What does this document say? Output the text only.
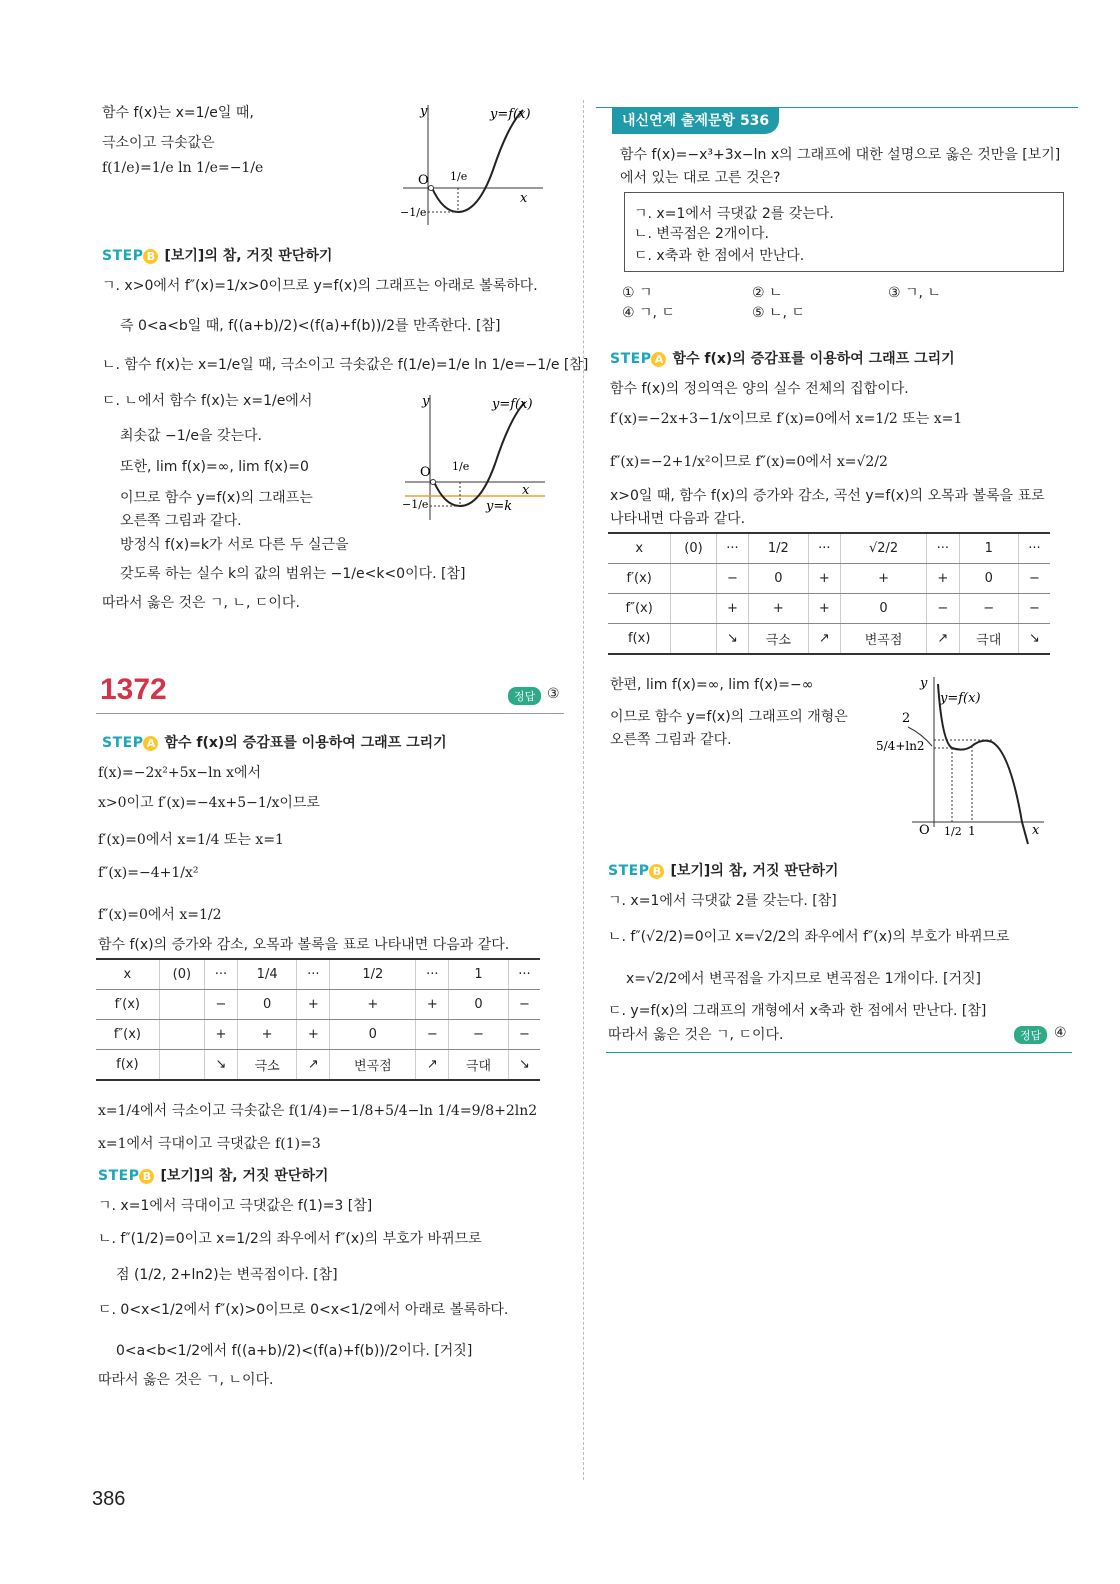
함수 f(x)는 x=1/e일 때,
극소이고 극솟값은
f(1/e)=1/e ln 1/e=−1/e
y	y=f(x)
O
x
1/e
−1/e
STEP B [보기]의 참, 거짓 판단하기
ㄱ. x>0에서 f″(x)=1/x>0이므로 y=f(x)의 그래프는 아래로 볼록하다.
즉 0<a<b일 때, f((a+b)/2)<(f(a)+f(b))/2를 만족한다. [참]
ㄴ. 함수 f(x)는 x=1/e일 때, 극소이고 극솟값은 f(1/e)=1/e ln 1/e=−1/e [참]
ㄷ. ㄴ에서 함수 f(x)는 x=1/e에서
최솟값 −1/e을 갖는다.
또한, lim f(x)=∞, lim f(x)=0
이므로 함수 y=f(x)의 그래프는
오른쪽 그림과 같다.
방정식 f(x)=k가 서로 다른 두 실근을
갖도록 하는 실수 k의 값의 범위는 −1/e<k<0이다. [참]
따라서 옳은 것은 ㄱ, ㄴ, ㄷ이다.
y	y=f(x)
O
x
1/e
−1/e	y=k
1372	정답 ③
STEP A 함수 f(x)의 증감표를 이용하여 그래프 그리기
f(x)=−2x²+5x−ln x에서
x>0이고 f′(x)=−4x+5−1/x이므로
f′(x)=0에서 x=1/4 또는 x=1
f″(x)=−4+1/x²
f″(x)=0에서 x=1/2
함수 f(x)의 증가와 감소, 오목과 볼록을 표로 나타내면 다음과 같다.
x	(0)	···	1/4	···	1/2	···	1	···
f′(x)		−	0	+	+	+	0	−
f″(x)		+	+	+	0	−	−	−
f(x)		↘	극소	↗	변곡점	↗	극대	↘
x=1/4에서 극소이고 극솟값은 f(1/4)=−1/8+5/4−ln 1/4=9/8+2ln2
x=1에서 극대이고 극댓값은 f(1)=3
STEP B [보기]의 참, 거짓 판단하기
ㄱ. x=1에서 극대이고 극댓값은 f(1)=3 [참]
ㄴ. f″(1/2)=0이고 x=1/2의 좌우에서 f″(x)의 부호가 바뀌므로
점 (1/2, 2+ln2)는 변곡점이다. [참]
ㄷ. 0<x<1/2에서 f″(x)>0이므로 0<x<1/2에서 아래로 볼록하다.
0<a<b<1/2에서 f((a+b)/2)<(f(a)+f(b))/2이다. [거짓]
따라서 옳은 것은 ㄱ, ㄴ이다.
386
내신연계 출제문항 536
함수 f(x)=−x³+3x−ln x의 그래프에 대한 설명으로 옳은 것만을 [보기]
에서 있는 대로 고른 것은?
ㄱ. x=1에서 극댓값 2를 갖는다.
ㄴ. 변곡점은 2개이다.
ㄷ. x축과 한 점에서 만난다.
① ㄱ	② ㄴ	③ ㄱ, ㄴ
④ ㄱ, ㄷ	⑤ ㄴ, ㄷ
STEP A 함수 f(x)의 증감표를 이용하여 그래프 그리기
함수 f(x)의 정의역은 양의 실수 전체의 집합이다.
f′(x)=−2x+3−1/x이므로 f′(x)=0에서 x=1/2 또는 x=1
f″(x)=−2+1/x²이므로 f″(x)=0에서 x=√2/2
x>0일 때, 함수 f(x)의 증가와 감소, 곡선 y=f(x)의 오목과 볼록을 표로
나타내면 다음과 같다.
x	(0)	···	1/2	···	√2/2	···	1	···
f′(x)		−	0	+	+	+	0	−
f″(x)		+	+	+	0	−	−	−
f(x)		↘	극소	↗	변곡점	↗	극대	↘
한편, lim f(x)=∞, lim f(x)=−∞
이므로 함수 y=f(x)의 그래프의 개형은
오른쪽 그림과 같다.
y
y=f(x)
2
5/4+ln2
O 1/2 1	x
STEP B [보기]의 참, 거짓 판단하기
ㄱ. x=1에서 극댓값 2를 갖는다. [참]
ㄴ. f″(√2/2)=0이고 x=√2/2의 좌우에서 f″(x)의 부호가 바뀌므로
x=√2/2에서 변곡점을 가지므로 변곡점은 1개이다. [거짓]
ㄷ. y=f(x)의 그래프의 개형에서 x축과 한 점에서 만난다. [참]
따라서 옳은 것은 ㄱ, ㄷ이다.	정답 ④
